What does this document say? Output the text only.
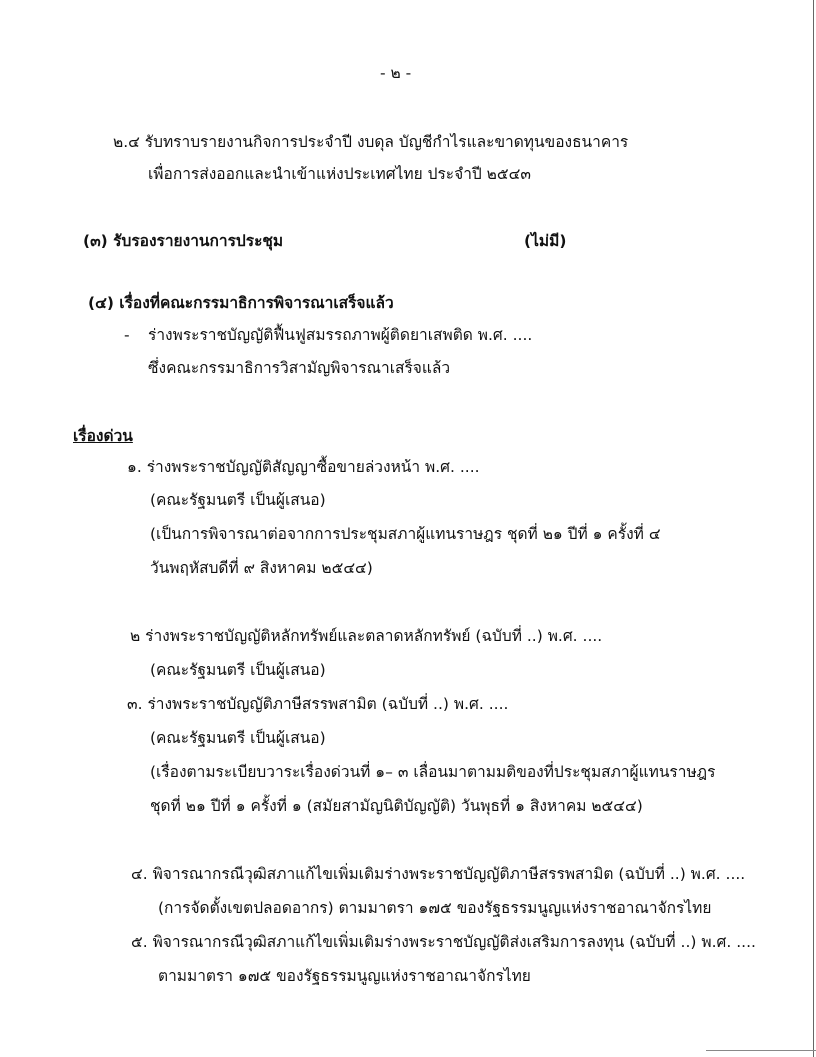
- ๒ -
๒.๔ รับทราบรายงานกิจการประจำปี งบดุล บัญชีกำไรและขาดทุนของธนาคาร
เพื่อการส่งออกและนำเข้าแห่งประเทศไทย ประจำปี ๒๕๔๓
(๓) รับรองรายงานการประชุม	(ไม่มี)
(๔) เรื่องที่คณะกรรมาธิการพิจารณาเสร็จแล้ว
- ร่างพระราชบัญญัติฟื้นฟูสมรรถภาพผู้ติดยาเสพติด พ.ศ. ....
ซึ่งคณะกรรมาธิการวิสามัญพิจารณาเสร็จแล้ว
เรื่องด่วน
๑. ร่างพระราชบัญญัติสัญญาซื้อขายล่วงหน้า พ.ศ. ....
(คณะรัฐมนตรี เป็นผู้เสนอ)
(เป็นการพิจารณาต่อจากการประชุมสภาผู้แทนราษฎร ชุดที่ ๒๑ ปีที่ ๑ ครั้งที่ ๔
วันพฤหัสบดีที่ ๙ สิงหาคม ๒๕๔๔)
๒ ร่างพระราชบัญญัติหลักทรัพย์และตลาดหลักทรัพย์ (ฉบับที่ ..) พ.ศ. ....
(คณะรัฐมนตรี เป็นผู้เสนอ)
๓. ร่างพระราชบัญญัติภาษีสรรพสามิต (ฉบับที่ ..) พ.ศ. ....
(คณะรัฐมนตรี เป็นผู้เสนอ)
(เรื่องตามระเบียบวาระเรื่องด่วนที่ ๑– ๓ เลื่อนมาตามมติของที่ประชุมสภาผู้แทนราษฎร
ชุดที่ ๒๑ ปีที่ ๑ ครั้งที่ ๑ (สมัยสามัญนิติบัญญัติ) วันพุธที่ ๑ สิงหาคม ๒๕๔๔)
๔. พิจารณากรณีวุฒิสภาแก้ไขเพิ่มเติมร่างพระราชบัญญัติภาษีสรรพสามิต (ฉบับที่ ..) พ.ศ. ....
(การจัดตั้งเขตปลอดอากร) ตามมาตรา ๑๗๕ ของรัฐธรรมนูญแห่งราชอาณาจักรไทย
๕. พิจารณากรณีวุฒิสภาแก้ไขเพิ่มเติมร่างพระราชบัญญัติส่งเสริมการลงทุน (ฉบับที่ ..) พ.ศ. ....
ตามมาตรา ๑๗๕ ของรัฐธรรมนูญแห่งราชอาณาจักรไทย
